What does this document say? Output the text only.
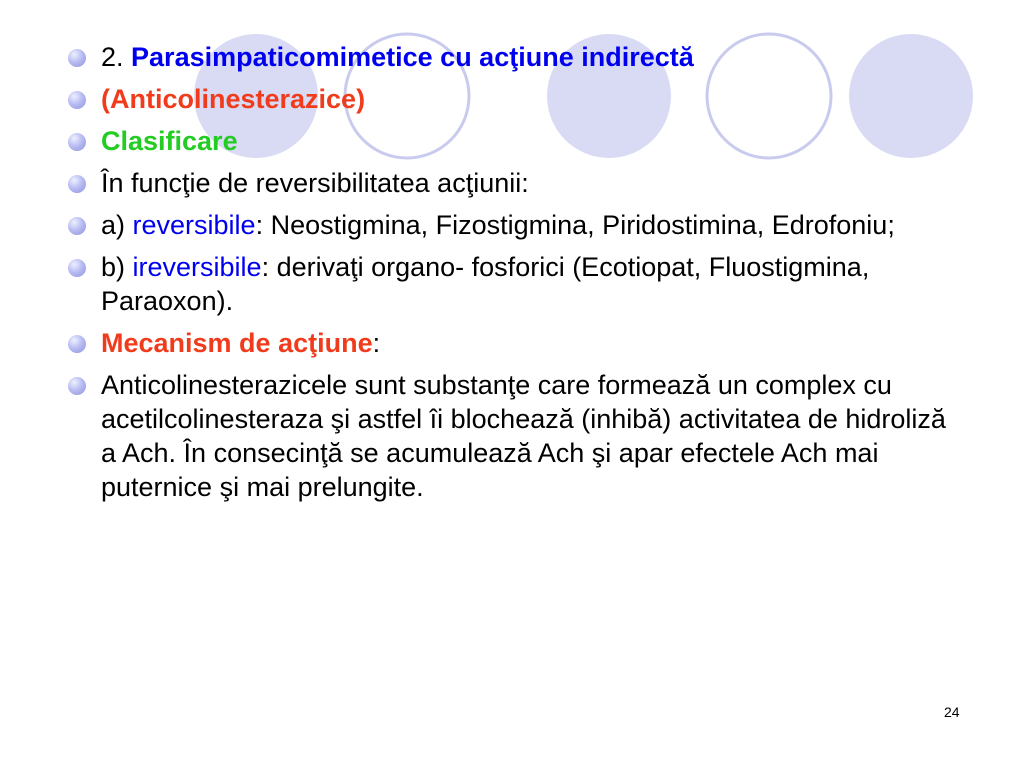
2. Parasimpaticomimetice cu acţiune indirectă
(Anticolinesterazice)
Clasificare
În funcţie de reversibilitatea acţiunii:
a) reversibile: Neostigmina, Fizostigmina, Piridostimina, Edrofoniu;
b) ireversibile: derivaţi organo- fosforici (Ecotiopat, Fluostigmina, Paraoxon).
Mecanism de acţiune:
Anticolinesterazicele sunt substanţe care formează un complex cu acetilcolinesteraza şi astfel îi blochează (inhibă) activitatea de hidroliză a Ach. În consecinţă se acumulează Ach şi apar efectele Ach mai puternice şi mai prelungite.
24
